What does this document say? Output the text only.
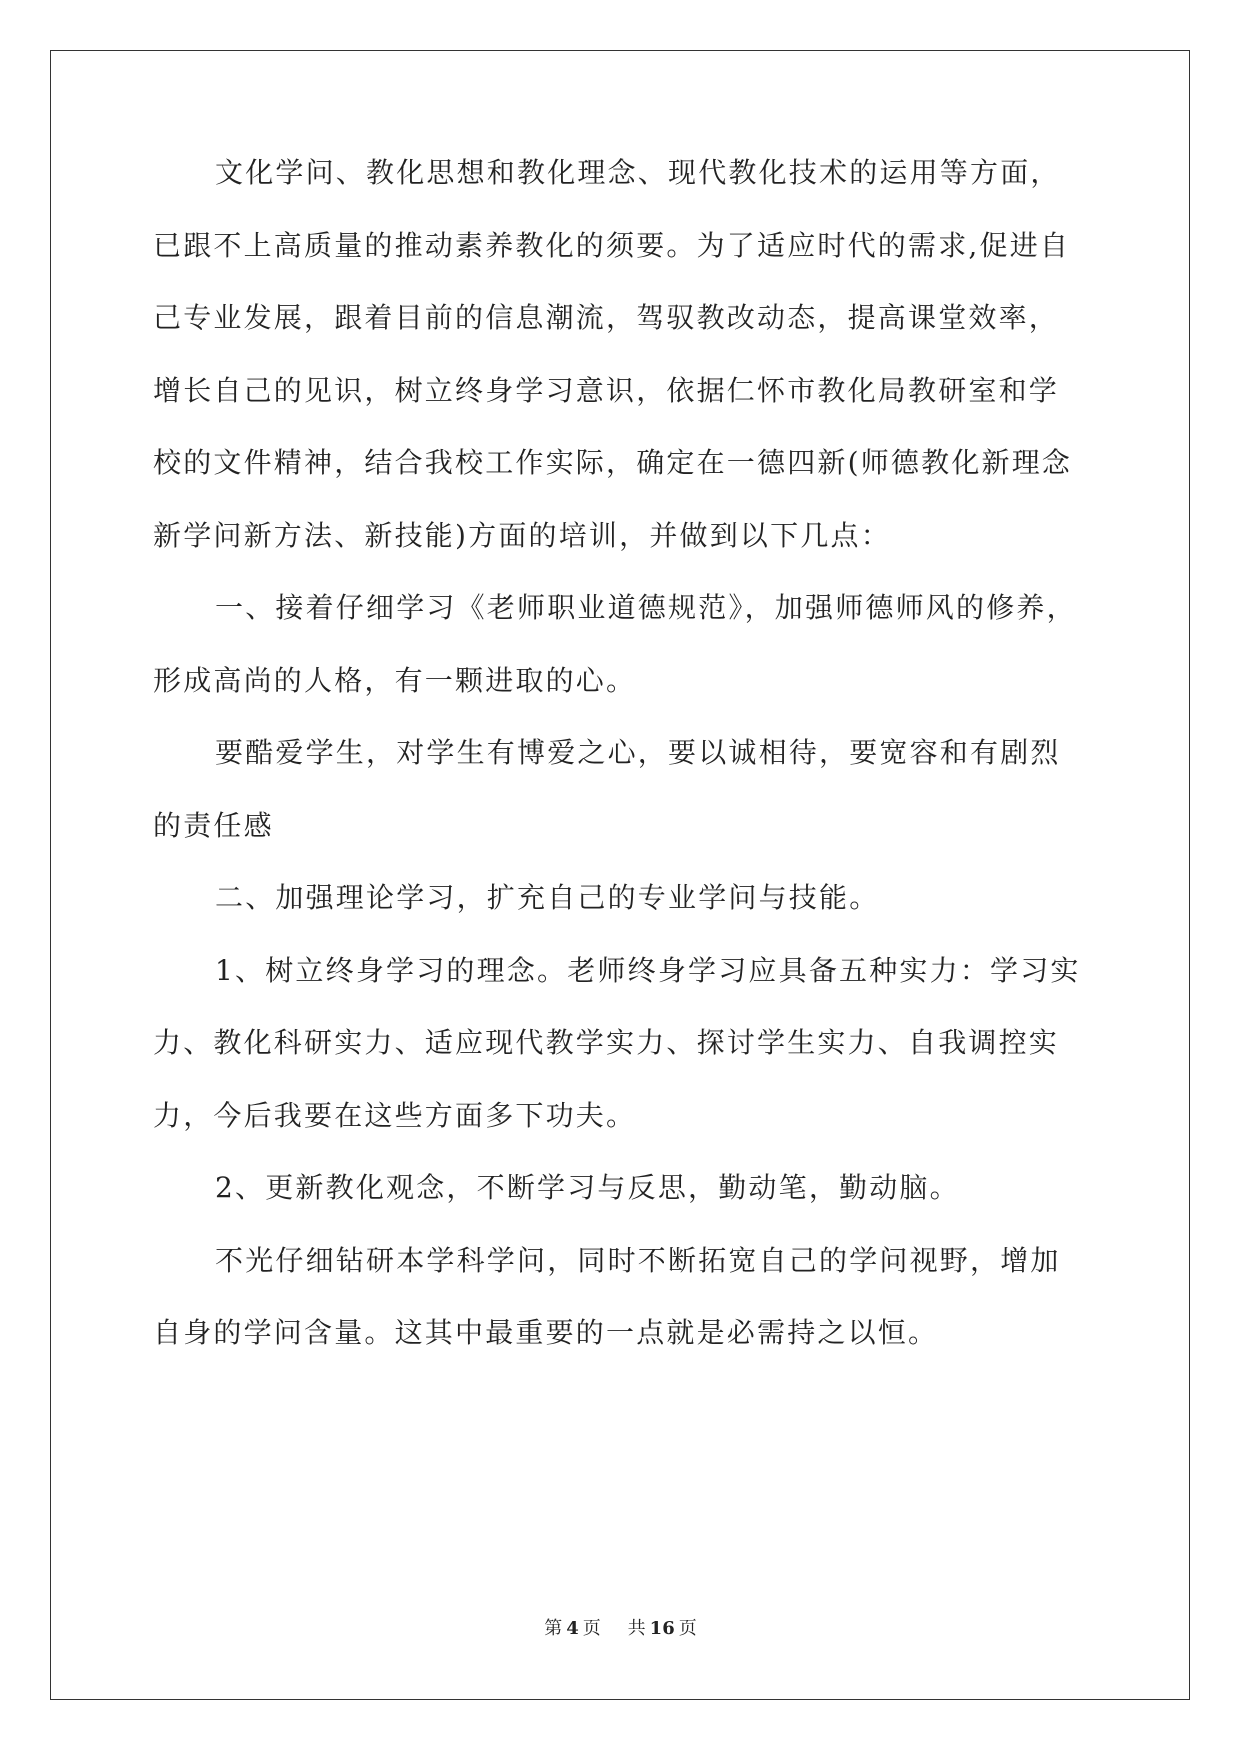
文化学问、教化思想和教化理念、现代教化技术的运用等方面，
已跟不上高质量的推动素养教化的须要。为了适应时代的需求,促进自
己专业发展，跟着目前的信息潮流，驾驭教改动态，提高课堂效率，
增长自己的见识，树立终身学习意识，依据仁怀市教化局教研室和学
校的文件精神，结合我校工作实际，确定在一德四新(师德教化新理念
新学问新方法、新技能)方面的培训，并做到以下几点：
一、接着仔细学习《老师职业道德规范》，加强师德师风的修养，
形成高尚的人格，有一颗进取的心。
要酷爱学生，对学生有博爱之心，要以诚相待，要宽容和有剧烈
的责任感
二、加强理论学习，扩充自己的专业学问与技能。
1、树立终身学习的理念。老师终身学习应具备五种实力：学习实
力、教化科研实力、适应现代教学实力、探讨学生实力、自我调控实
力，今后我要在这些方面多下功夫。
2、更新教化观念，不断学习与反思，勤动笔，勤动脑。
不光仔细钻研本学科学问，同时不断拓宽自己的学问视野，增加
自身的学问含量。这其中最重要的一点就是必需持之以恒。
第 4 页 共 16 页
